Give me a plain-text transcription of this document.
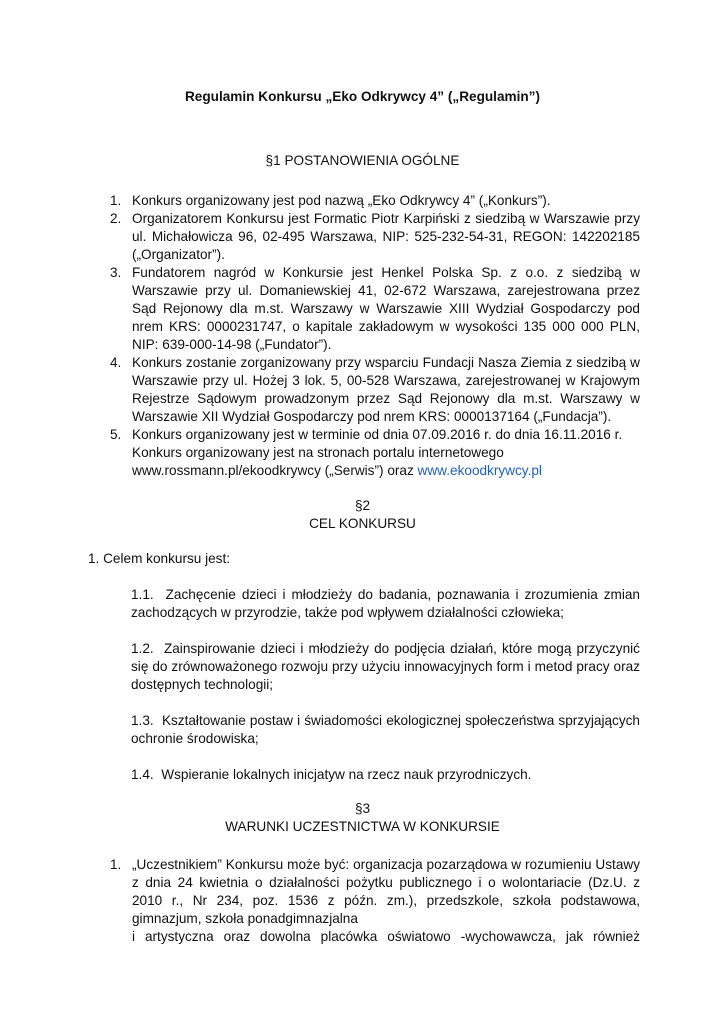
Regulamin Konkursu „Eko Odkrywcy 4” („Regulamin”)
§1 POSTANOWIENIA OGÓLNE
1. Konkurs organizowany jest pod nazwą „Eko Odkrywcy 4” („Konkurs”).
2. Organizatorem Konkursu jest Formatic Piotr Karpiński z siedzibą w Warszawie przy ul. Michałowicza 96, 02-495 Warszawa, NIP: 525-232-54-31, REGON: 142202185 („Organizator”).
3. Fundatorem nagród w Konkursie jest Henkel Polska Sp. z o.o. z siedzibą w Warszawie przy ul. Domaniewskiej 41, 02-672 Warszawa, zarejestrowana przez Sąd Rejonowy dla m.st. Warszawy w Warszawie XIII Wydział Gospodarczy pod nrem KRS: 0000231747, o kapitale zakładowym w wysokości 135 000 000 PLN, NIP: 639-000-14-98 („Fundator”).
4. Konkurs zostanie zorganizowany przy wsparciu Fundacji Nasza Ziemia z siedzibą w Warszawie przy ul. Hożej 3 lok. 5, 00-528 Warszawa, zarejestrowanej w Krajowym Rejestrze Sądowym prowadzonym przez Sąd Rejonowy dla m.st. Warszawy w Warszawie XII Wydział Gospodarczy pod nrem KRS: 0000137164 („Fundacja”).
5. Konkurs organizowany jest w terminie od dnia 07.09.2016 r. do dnia 16.11.2016 r.
Konkurs organizowany jest na stronach portalu internetowego
www.rossmann.pl/ekoodkrywcy („Serwis”) oraz www.ekoodkrywcy.pl
§2
CEL KONKURSU
1. Celem konkursu jest:
1.1. Zachęcenie dzieci i młodzieży do badania, poznawania i zrozumienia zmian zachodzących w przyrodzie, także pod wpływem działalności człowieka;
1.2. Zainspirowanie dzieci i młodzieży do podjęcia działań, które mogą przyczynić się do zrównoważonego rozwoju przy użyciu innowacyjnych form i metod pracy oraz dostępnych technologii;
1.3. Kształtowanie postaw i świadomości ekologicznej społeczeństwa sprzyjających ochronie środowiska;
1.4. Wspieranie lokalnych inicjatyw na rzecz nauk przyrodniczych.
§3
WARUNKI UCZESTNICTWA W KONKURSIE
1. „Uczestnikiem” Konkursu może być: organizacja pozarządowa w rozumieniu Ustawy z dnia 24 kwietnia o działalności pożytku publicznego i o wolontariacie (Dz.U. z 2010 r., Nr 234, poz. 1536 z późn. zm.), przedszkole, szkoła podstawowa, gimnazjum, szkoła ponadgimnazjalna
i artystyczna oraz dowolna placówka oświatowo -wychowawcza, jak również
